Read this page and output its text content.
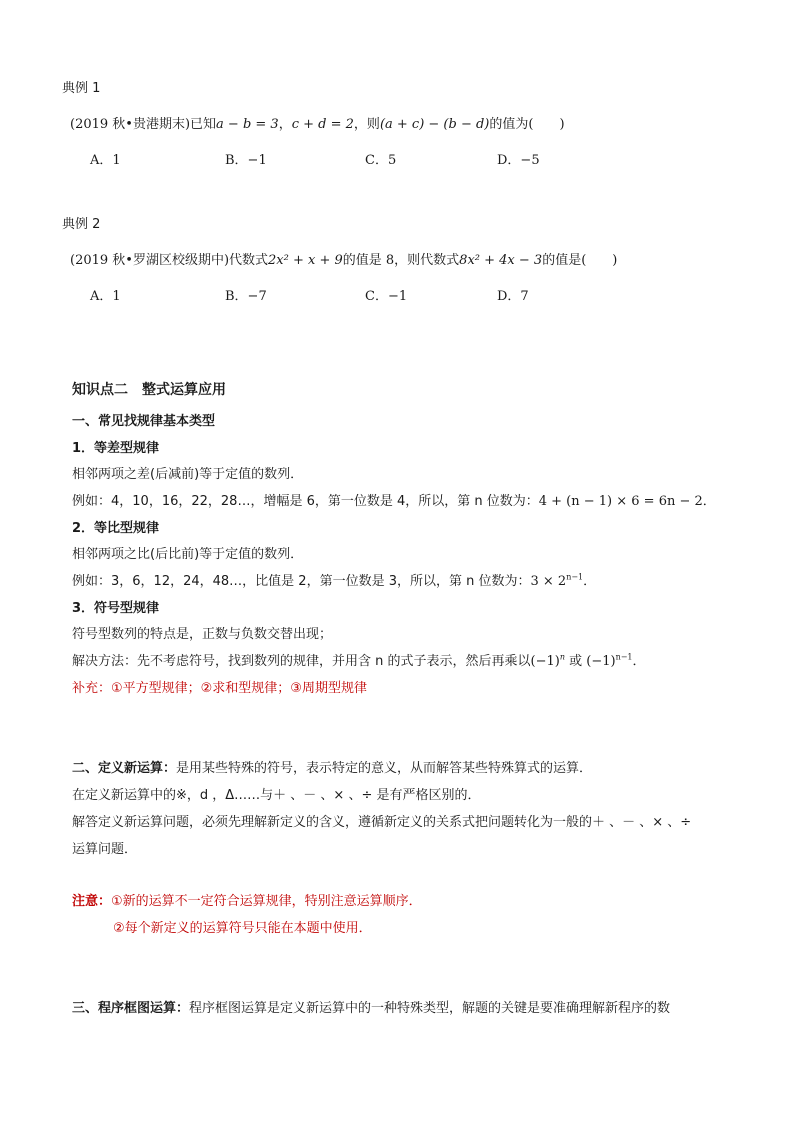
典例 1
(2019 秋•贵港期末)已知a − b = 3，c + d = 2，则(a + c) − (b − d)的值为(　　)
A．1	B．−1	C．5	D．−5
典例 2
(2019 秋•罗湖区校级期中)代数式2x² + x + 9的值是 8，则代数式8x² + 4x − 3的值是(　　)
A．1	B．−7	C．−1	D．7
知识点二　整式运算应用
一、常见找规律基本类型
1．等差型规律
相邻两项之差(后减前)等于定值的数列．
例如：4，10，16，22，28…，增幅是 6，第一位数是 4，所以，第 n 位数为：4 + (n − 1) × 6 = 6n − 2．
2．等比型规律
相邻两项之比(后比前)等于定值的数列．
例如：3，6，12，24，48…，比值是 2，第一位数是 3，所以，第 n 位数为：$3 \times 2^{n-1}$．
3．符号型规律
符号型数列的特点是，正数与负数交替出现；
解决方法：先不考虑符号，找到数列的规律，并用含 n 的式子表示，然后再乘以$(-1)^n$ 或 $(-1)^{n-1}$．
补充：①平方型规律；②求和型规律；③周期型规律
二、定义新运算：是用某些特殊的符号，表示特定的意义，从而解答某些特殊算式的运算．
在定义新运算中的※，d ，Δ……与＋ 、－ 、× 、÷ 是有严格区别的．
解答定义新运算问题，必须先理解新定义的含义，遵循新定义的关系式把问题转化为一般的＋ 、－ 、× 、÷
运算问题．
注意：①新的运算不一定符合运算规律，特别注意运算顺序．
②每个新定义的运算符号只能在本题中使用．
三、程序框图运算：程序框图运算是定义新运算中的一种特殊类型，解题的关键是要准确理解新程序的数
